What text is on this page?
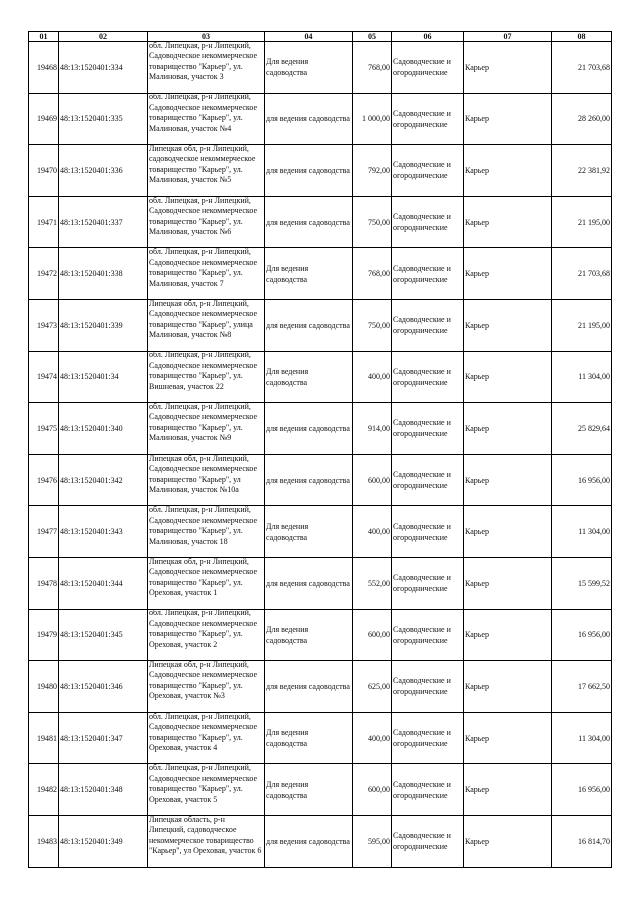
01	02	03	04	05	06	07	08
19468	48:13:1520401:334	обл. Липецкая, р-н Липецкий, Садоводческое некоммерческое товарищество "Карьер", ул. Малиновая, участок 3	Для ведения садоводства	768,00	Садоводческие и огороднические	Карьер	21 703,68
19469	48:13:1520401:335	обл. Липецкая, р-н Липецкий, Садоводческое некоммерческое товарищество "Карьер", ул. Малиновая, участок №4	для ведения садоводства	1 000,00	Садоводческие и огороднические	Карьер	28 260,00
19470	48:13:1520401:336	Липецкая обл, р-н Липецкий, садоводческое некоммерческое товарищество "Карьер", ул. Малиновая, участок №5	для ведения садоводства	792,00	Садоводческие и огороднические	Карьер	22 381,92
19471	48:13:1520401:337	обл. Липецкая, р-н Липецкий, Садоводческое некоммерческое товарищество "Карьер", ул. Малиновая, участок №6	для ведения садоводства	750,00	Садоводческие и огороднические	Карьер	21 195,00
19472	48:13:1520401:338	обл. Липецкая, р-н Липецкий, Садоводческое некоммерческое товарищество "Карьер", ул. Малиновая, участок 7	Для ведения садоводства	768,00	Садоводческие и огороднические	Карьер	21 703,68
19473	48:13:1520401:339	Липецкая обл, р-н Липецкий, Садоводческое некоммерческое товарищество "Карьер", улица Малиновая, участок №8	для ведения садоводства	750,00	Садоводческие и огороднические	Карьер	21 195,00
19474	48:13:1520401:34	обл. Липецкая, р-н Липецкий, Садоводческое некоммерческое товарищество "Карьер", ул. Вишневая, участок 22	Для ведения садоводства	400,00	Садоводческие и огороднические	Карьер	11 304,00
19475	48:13:1520401:340	обл. Липецкая, р-н Липецкий, Садоводческое некоммерческое товарищество "Карьер", ул. Малиновая, участок №9	для ведения садоводства	914,00	Садоводческие и огороднические	Карьер	25 829,64
19476	48:13:1520401:342	Липецкая обл, р-н Липецкий, Садоводческое некоммерческое товарищество "Карьер", ул Малиновая, участок №10а	для ведения садоводства	600,00	Садоводческие и огороднические	Карьер	16 956,00
19477	48:13:1520401:343	обл. Липецкая, р-н Липецкий, Садоводческое некоммерческое товарищество "Карьер", ул. Малиновая, участок 18	Для ведения садоводства	400,00	Садоводческие и огороднические	Карьер	11 304,00
19478	48:13:1520401:344	Липецкая обл, р-н Липецкий, Садоводческое некоммерческое товарищество "Карьер", ул. Ореховая, участок 1	для ведения садоводства	552,00	Садоводческие и огороднические	Карьер	15 599,52
19479	48:13:1520401:345	обл. Липецкая, р-н Липецкий, Садоводческое некоммерческое товарищество "Карьер", ул. Ореховая, участок 2	Для ведения садоводства	600,00	Садоводческие и огороднические	Карьер	16 956,00
19480	48:13:1520401:346	Липецкая обл, р-н Липецкий, Садоводческое некоммерческое товарищество "Карьер", ул. Ореховая, участок №3	для ведения садоводства	625,00	Садоводческие и огороднические	Карьер	17 662,50
19481	48:13:1520401:347	обл. Липецкая, р-н Липецкий, Садоводческое некоммерческое товарищество "Карьер", ул. Ореховая, участок 4	Для ведения садоводства	400,00	Садоводческие и огороднические	Карьер	11 304,00
19482	48:13:1520401:348	обл. Липецкая, р-н Липецкий, Садоводческое некоммерческое товарищество "Карьер", ул. Ореховая, участок 5	Для ведения садоводства	600,00	Садоводческие и огороднические	Карьер	16 956,00
19483	48:13:1520401:349	Липецкая область, р-н Липецкий, садоводческое некоммерческое товарищество "Карьер", ул Ореховая, участок 6	для ведения садоводства	595,00	Садоводческие и огороднические	Карьер	16 814,70
